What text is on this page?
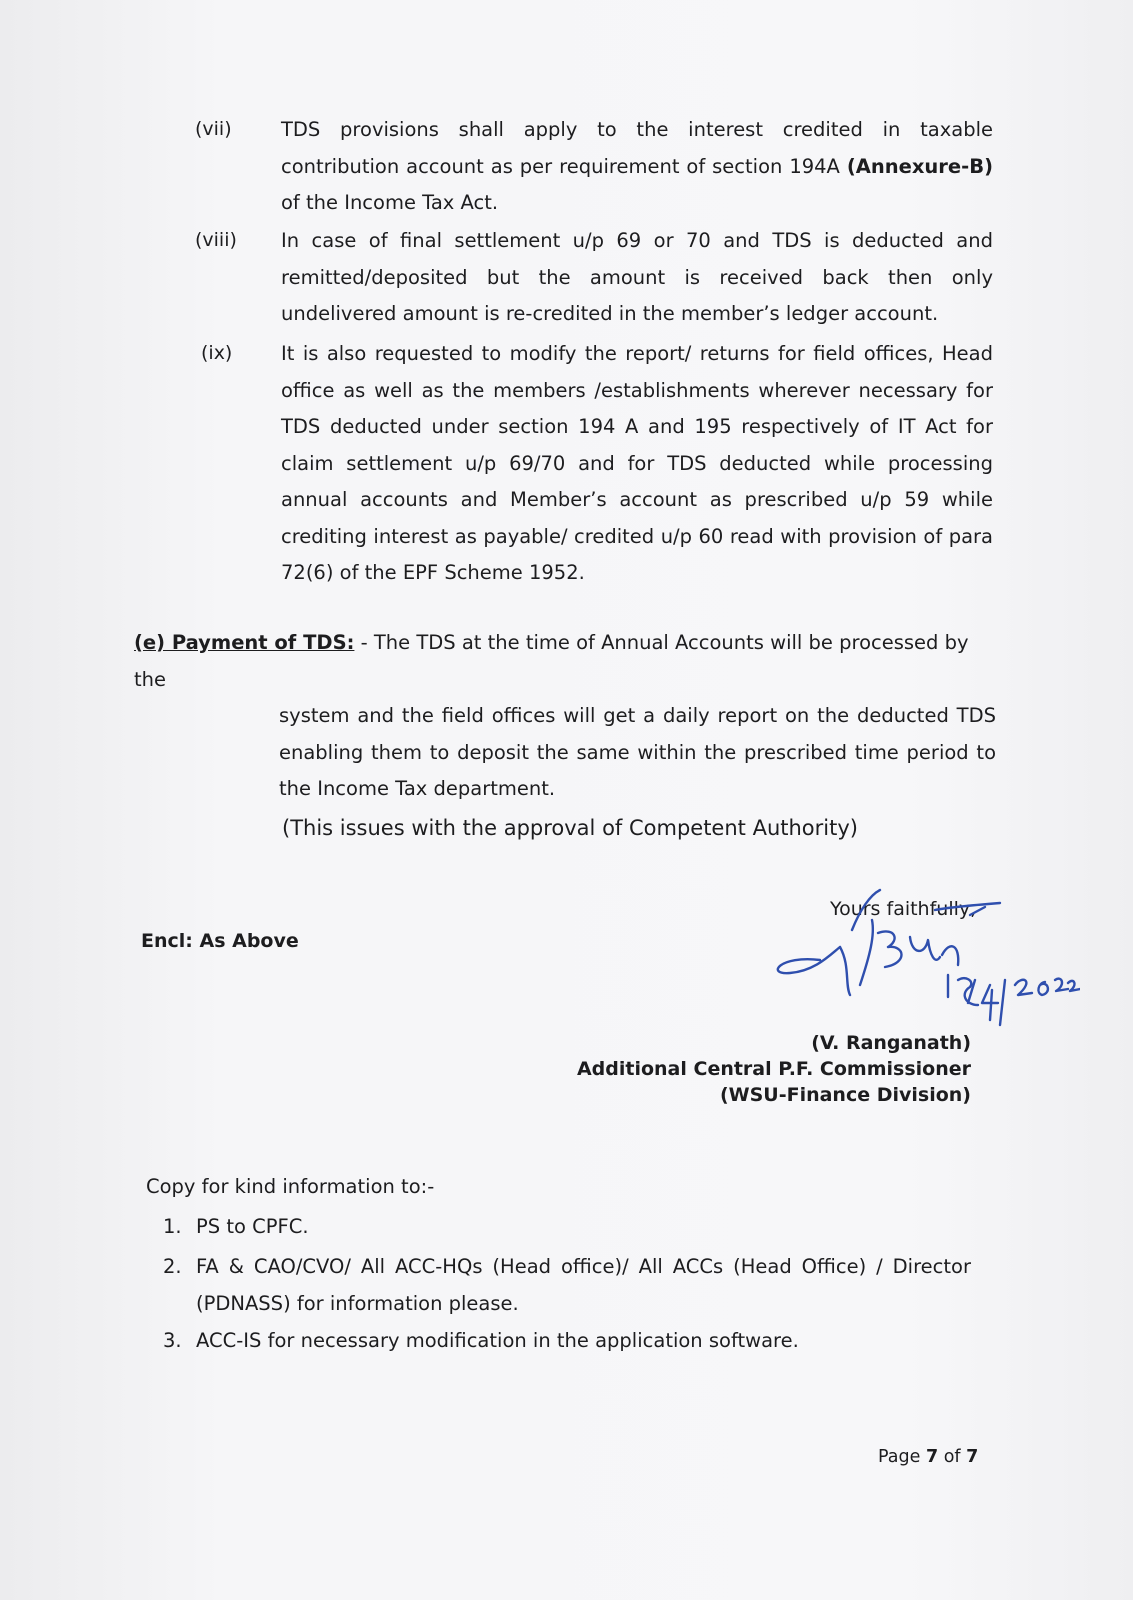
(vii)	TDS provisions shall apply to the interest credited in taxable contribution account as per requirement of section 194A (Annexure-B) of the Income Tax Act.
(viii) In case of final settlement u/p 69 or 70 and TDS is deducted and remitted/deposited but the amount is received back then only undelivered amount is re-credited in the member’s ledger account.
(ix) It is also requested to modify the report/ returns for field offices, Head office as well as the members /establishments wherever necessary for TDS deducted under section 194 A and 195 respectively of IT Act for claim settlement u/p 69/70 and for TDS deducted while processing annual accounts and Member’s account as prescribed u/p 59 while crediting interest as payable/ credited u/p 60 read with provision of para 72(6) of the EPF Scheme 1952.
(e) Payment of TDS: - The TDS at the time of Annual Accounts will be processed by the
system and the field offices will get a daily report on the deducted TDS enabling them to deposit the same within the prescribed time period to the Income Tax department.
(This issues with the approval of Competent Authority)
Yours faithfully,
Encl: As Above
(V. Ranganath)
Additional Central P.F. Commissioner
(WSU-Finance Division)
Copy for kind information to:-
1. PS to CPFC.
2. FA & CAO/CVO/ All ACC-HQs (Head office)/ All ACCs (Head Office) / Director (PDNASS) for information please.
3. ACC-IS for necessary modification in the application software.
Page 7 of 7
